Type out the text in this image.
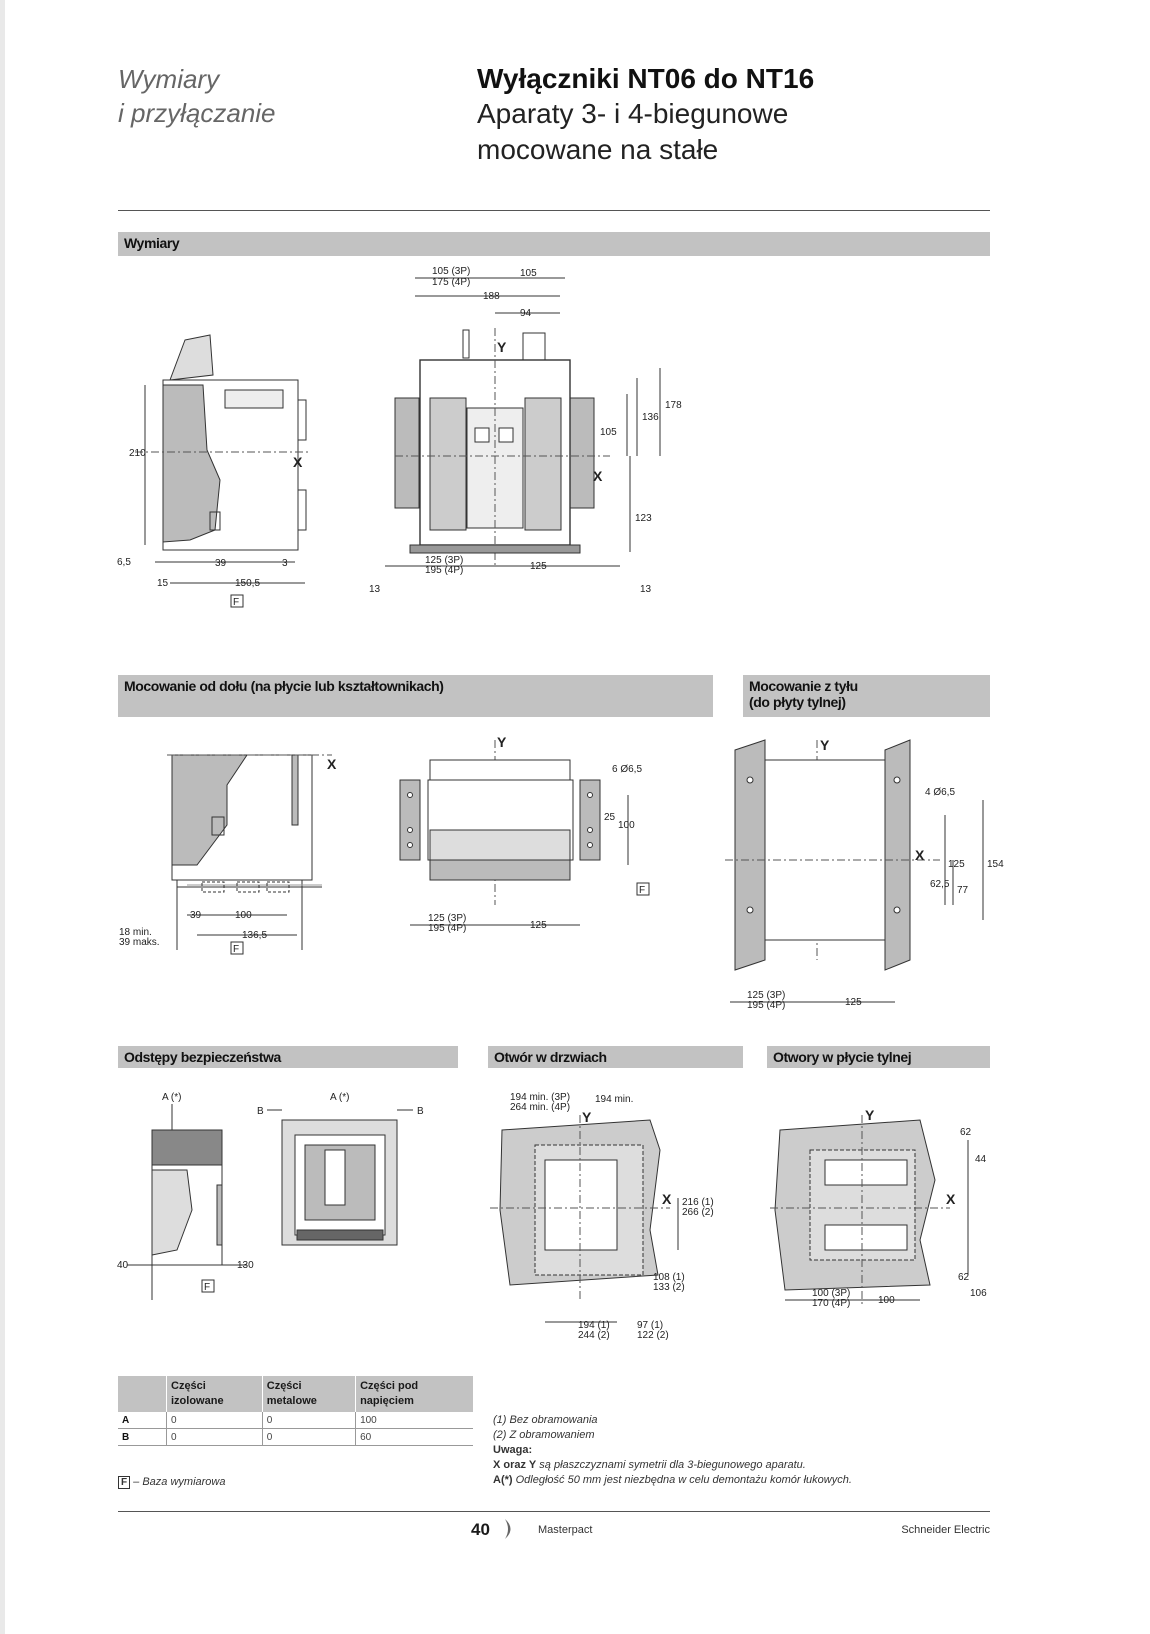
Wymiary
i przyłączanie
Wyłączniki NT06 do NT16
Aparaty 3- i 4-biegunowe
mocowane na stałe
Wymiary
210
X
6,5	39	3
15	150,5
F
105 (3P)
175 (4P)
105
188
94
Y
X
178
136
105
123
125 (3P)
195 (4P)	125
13	13
Mocowanie od dołu (na płycie lub kształtownikach)	Mocowanie z tyłu
(do płyty tylnej)
X
39	100
136,5
18 min.
39 maks.
F
Y
6 Ø6,5
25
100
F
125 (3P)
195 (4P)	125
Y
X
4 Ø6,5
125 154
62,5
77
125 (3P)
195 (4P)	125
Odstępy bezpieczeństwa	Otwór w drzwiach	Otwory w płycie tylnej
A (*)
40	130
F
B
A (*)
B
194 min. (3P)
264 min. (4P)
194 min.
Y
X 216 (1)
266 (2)
108 (1)
133 (2)
194 (1)
244 (2)
97 (1)
122 (2)
Y
X
62
44
62
106
100 (3P)
170 (4P)	100
	Części izolowane	Części metalowe	Części pod napięciem
A	0	0	100
B	0	0	60
F – Baza wymiarowa
(1) Bez obramowania
(2) Z obramowaniem
Uwaga:
X oraz Y są płaszczyznami symetrii dla 3-biegunowego aparatu.
A(*) Odległość 50 mm jest niezbędna w celu demontażu komór łukowych.
40	Masterpact	Schneider Electric
